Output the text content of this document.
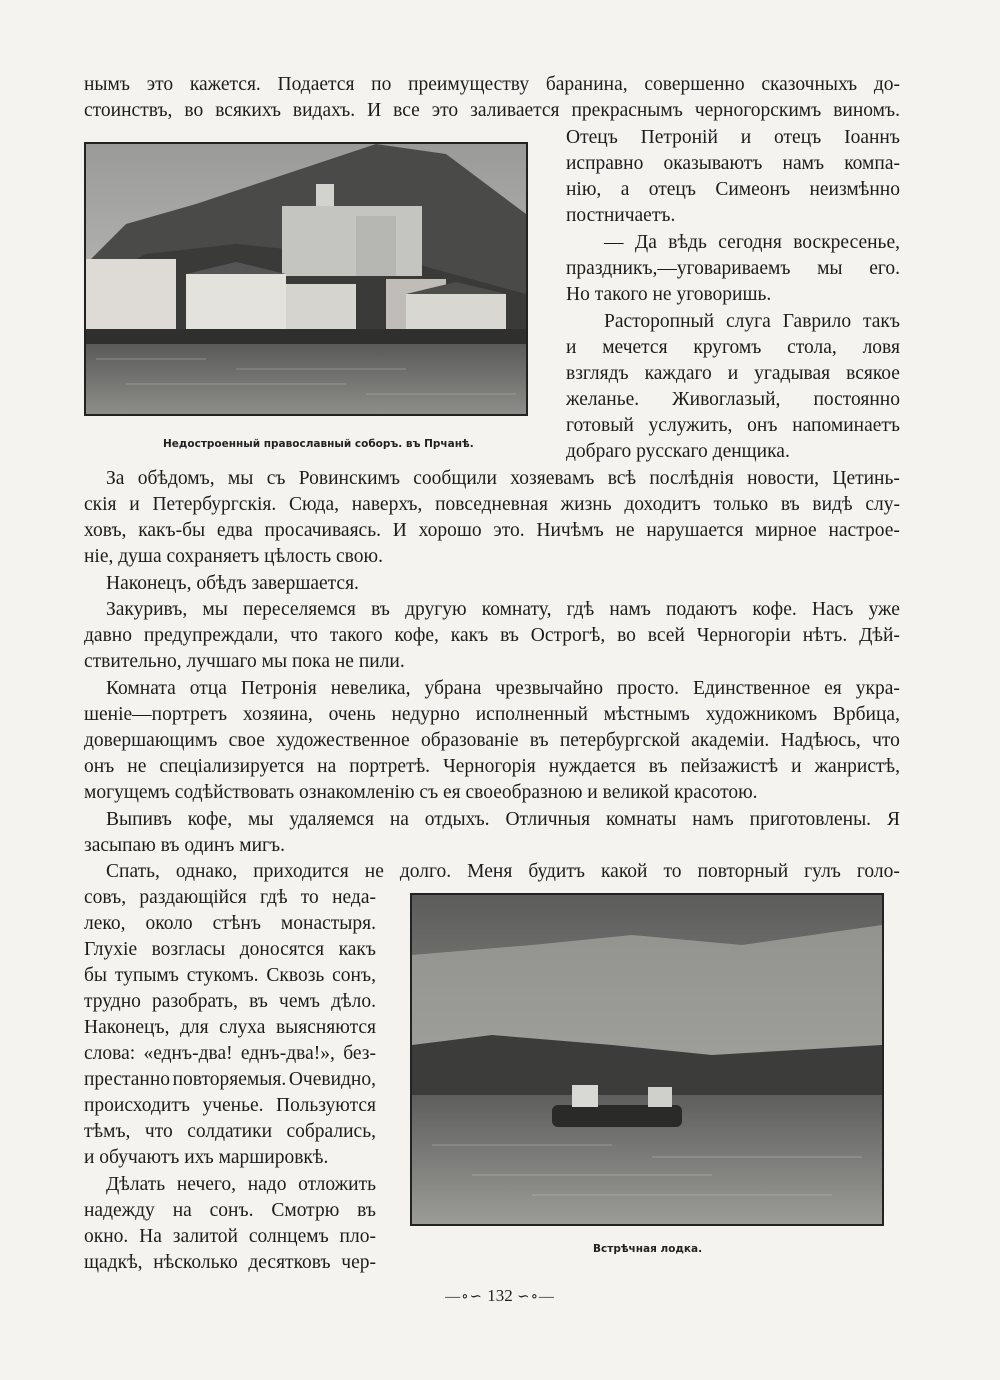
нымъ это кажется. Подается по преимуществу баранина, совершенно сказочныхъ до-
стоинствъ, во всякихъ видахъ. И все это заливается прекраснымъ черногорскимъ виномъ.
Отецъ Петроній и отецъ Іоаннъ
исправно оказываютъ намъ компа-
нію, а отецъ Симеонъ неизмѣнно
постничаетъ.
— Да вѣдь сегодня воскресенье,
праздникъ,—уговариваемъ мы его.
Но такого не уговоришь.
Расторопный слуга Гаврило такъ
и мечется кругомъ стола, ловя
взглядъ каждаго и угадывая всякое
желанье. Живоглазый, постоянно
готовый услужить, онъ напоминаетъ
добраго русскаго денщика.
За обѣдомъ, мы съ Ровинскимъ сообщили хозяевамъ всѣ послѣднія новости, Цетинь-
скія и Петербургскія. Сюда, наверхъ, повседневная жизнь доходитъ только въ видѣ слу-
ховъ, какъ-бы едва просачиваясь. И хорошо это. Ничѣмъ не нарушается мирное настрое-
ніе, душа сохраняетъ цѣлость свою.
Наконецъ, обѣдъ завершается.
Закуривъ, мы переселяемся въ другую комнату, гдѣ намъ подаютъ кофе. Насъ уже
давно предупреждали, что такого кофе, какъ въ Острогѣ, во всей Черногоріи нѣтъ. Дѣй-
ствительно, лучшаго мы пока не пили.
Комната отца Петронія невелика, убрана чрезвычайно просто. Единственное ея укра-
шеніе—портретъ хозяина, очень недурно исполненный мѣстнымъ художникомъ Врбица,
довершающимъ свое художественное образованіе въ петербургской академіи. Надѣюсь, что
онъ не спеціализируется на портретѣ. Черногорія нуждается въ пейзажистѣ и жанристѣ,
могущемъ содѣйствовать ознакомленію съ ея своеобразною и великой красотою.
Выпивъ кофе, мы удаляемся на отдыхъ. Отличныя комнаты намъ приготовлены. Я
засыпаю въ одинъ мигъ.
Спать, однако, приходится не долго. Меня будитъ какой то повторный гулъ голо-
совъ, раздающійся гдѣ то неда-
леко, около стѣнъ монастыря.
Глухіе возгласы доносятся какъ
бы тупымъ стукомъ. Сквозь сонъ,
трудно разобрать, въ чемъ дѣло.
Наконецъ, для слуха выясняются
слова: «еднъ-два! еднъ-два!», без-
престанно повторяемыя. Очевидно,
происходитъ ученье. Пользуются
тѣмъ, что солдатики собрались,
и обучаютъ ихъ маршировкѣ.
Дѣлать нечего, надо отложить
надежду на сонъ. Смотрю въ
окно. На залитой солнцемъ пло-
щадкѣ, нѣсколько десятковъ чер-
Недостроенный православный соборъ. въ Прчанѣ.
Встрѣчная лодка.
—∘∽ 132 ∽∘—
